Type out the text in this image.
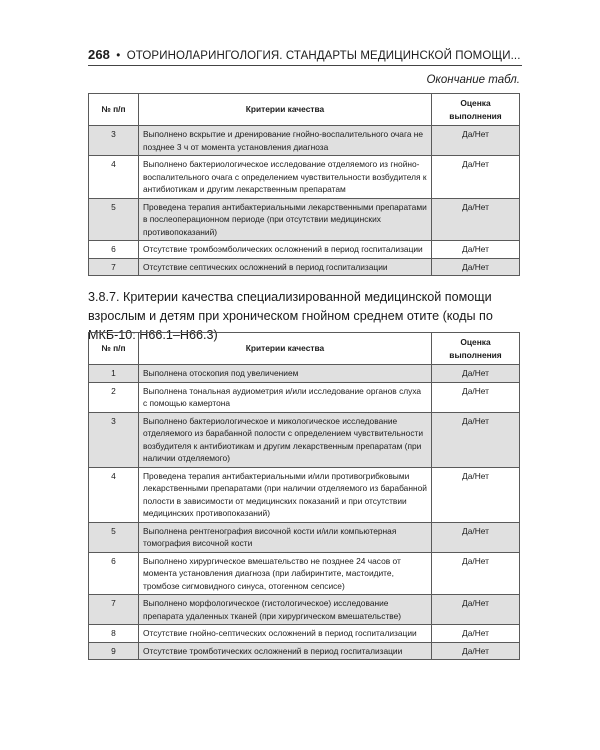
268 • ОТОРИНОЛАРИНГОЛОГИЯ. СТАНДАРТЫ МЕДИЦИНСКОЙ ПОМОЩИ...
Окончание табл.
№ п/п	Критерии качества	Оценка выполнения
3	Выполнено вскрытие и дренирование гнойно-воспалительного очага не позднее 3 ч от момента установления диагноза	Да/Нет
4	Выполнено бактериологическое исследование отделяемого из гнойно-воспалительного очага с определением чувствительности возбудителя к антибиотикам и другим лекарственным препаратам	Да/Нет
5	Проведена терапия антибактериальными лекарственными препаратами в послеоперационном периоде (при отсутствии медицинских противопоказаний)	Да/Нет
6	Отсутствие тромбоэмболических осложнений в период госпитализации	Да/Нет
7	Отсутствие септических осложнений в период госпитализации	Да/Нет
3.8.7. Критерии качества специализированной медицинской помощи взрослым и детям при хроническом гнойном среднем отите (коды по МКБ-10: H66.1–H66.3)
№ п/п	Критерии качества	Оценка выполнения
1	Выполнена отоскопия под увеличением	Да/Нет
2	Выполнена тональная аудиометрия и/или исследование органов слуха с помощью камертона	Да/Нет
3	Выполнено бактериологическое и микологическое исследование отделяемого из барабанной полости с определением чувствительности возбудителя к антибиотикам и другим лекарственным препаратам (при наличии отделяемого)	Да/Нет
4	Проведена терапия антибактериальными и/или противогрибковыми лекарственными препаратами (при наличии отделяемого из барабанной полости в зависимости от медицинских показаний и при отсутствии медицинских противопоказаний)	Да/Нет
5	Выполнена рентгенография височной кости и/или компьютерная томография височной кости	Да/Нет
6	Выполнено хирургическое вмешательство не позднее 24 часов от момента установления диагноза (при лабиринтите, мастоидите, тромбозе сигмовидного синуса, отогенном сепсисе)	Да/Нет
7	Выполнено морфологическое (гистологическое) исследование препарата удаленных тканей (при хирургическом вмешательстве)	Да/Нет
8	Отсутствие гнойно-септических осложнений в период госпитализации	Да/Нет
9	Отсутствие тромботических осложнений в период госпитализации	Да/Нет
